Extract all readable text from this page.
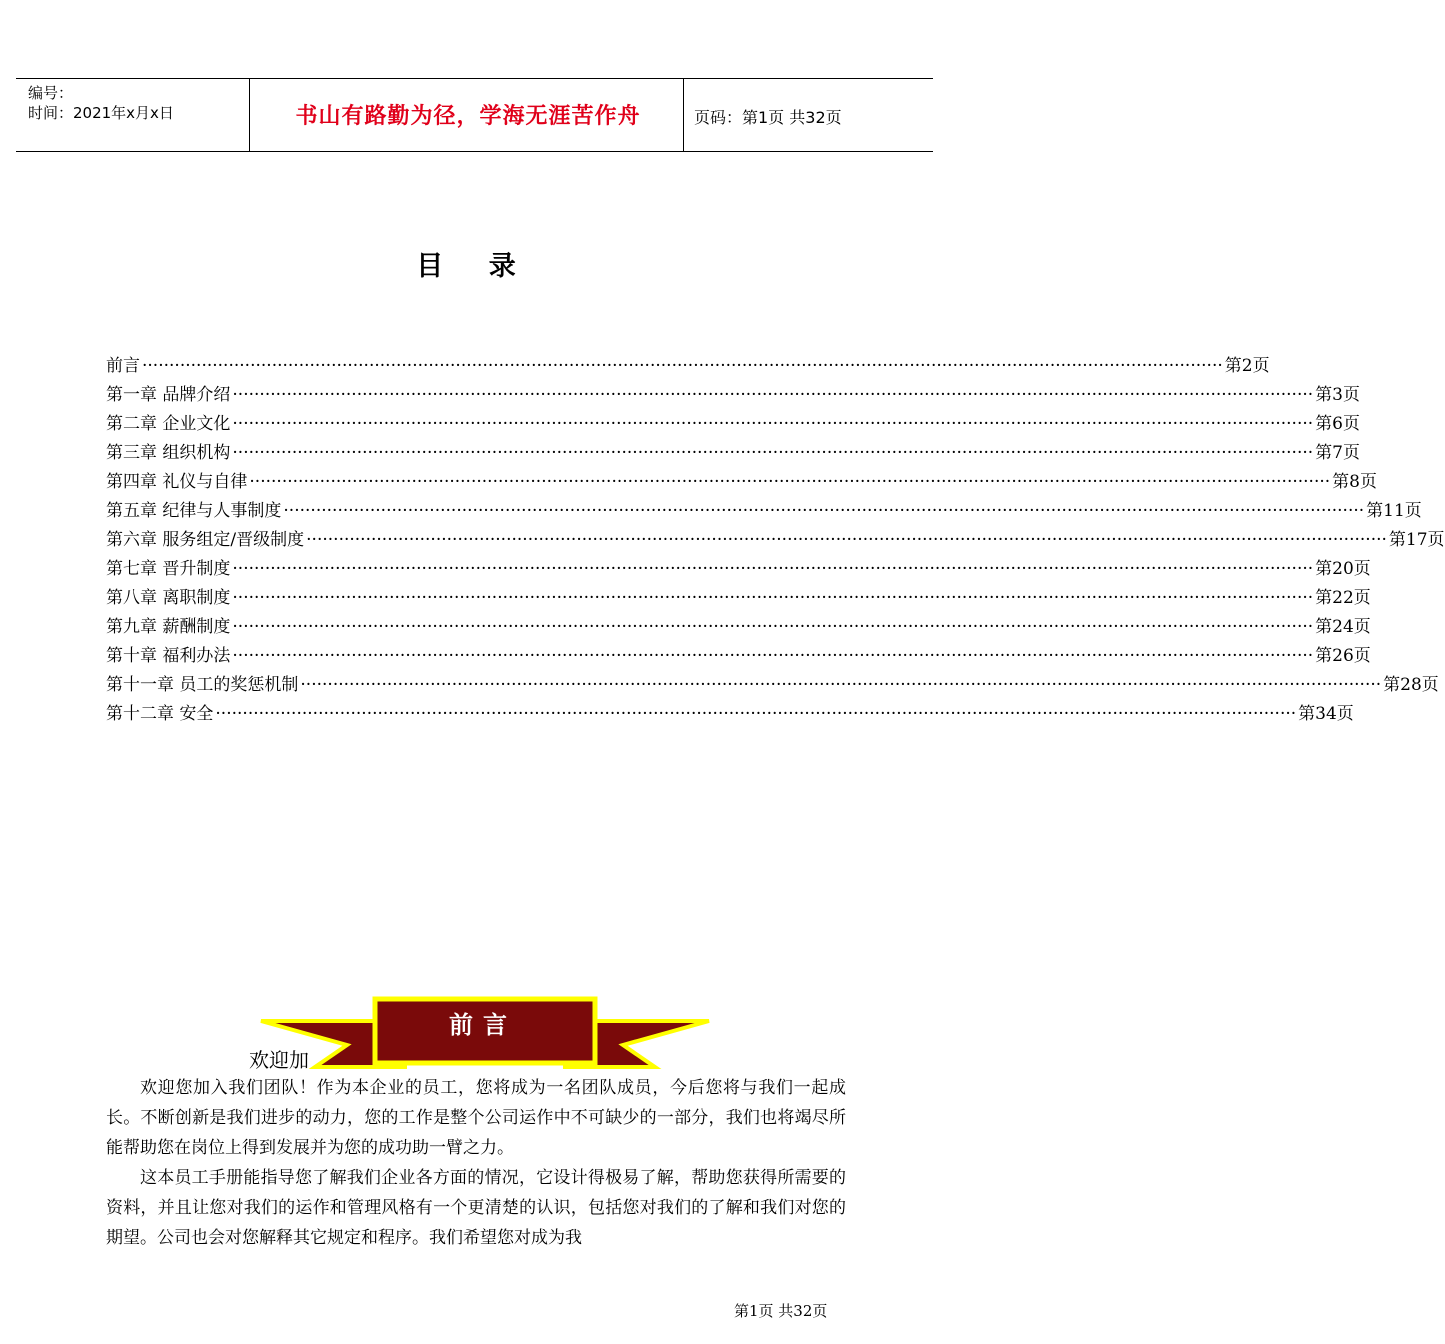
编号：
时间：2021年x月x日	书山有路勤为径，学海无涯苦作舟	页码：第1页 共32页
目 录
前言 ········································································································································································································ 第2页
第一章 品牌介绍 ········································································································································································································ 第3页
第二章 企业文化 ········································································································································································································ 第6页
第三章 组织机构 ········································································································································································································ 第7页
第四章 礼仪与自律 ········································································································································································································ 第8页
第五章 纪律与人事制度 ········································································································································································································ 第11页
第六章 服务组定/晋级制度 ········································································································································································································ 第17页
第七章 晋升制度 ········································································································································································································ 第20页
第八章 离职制度 ········································································································································································································ 第22页
第九章 薪酬制度 ········································································································································································································ 第24页
第十章 福利办法 ········································································································································································································ 第26页
第十一章 员工的奖惩机制 ········································································································································································································ 第28页
第十二章 安全 ········································································································································································································ 第34页
前言
欢迎加

欢迎您加入我们团队！作为本企业的员工，您将成为一名团队成员，今后您将与我们一起成长。不断创新是我们进步的动力，您的工作是整个公司运作中不可缺少的一部分，我们也将竭尽所能帮助您在岗位上得到发展并为您的成功助一臂之力。

这本员工手册能指导您了解我们企业各方面的情况，它设计得极易了解，帮助您获得所需要的资料，并且让您对我们的运作和管理风格有一个更清楚的认识，包括您对我们的了解和我们对您的期望。公司也会对您解释其它规定和程序。我们希望您对成为我

第1页 共32页
